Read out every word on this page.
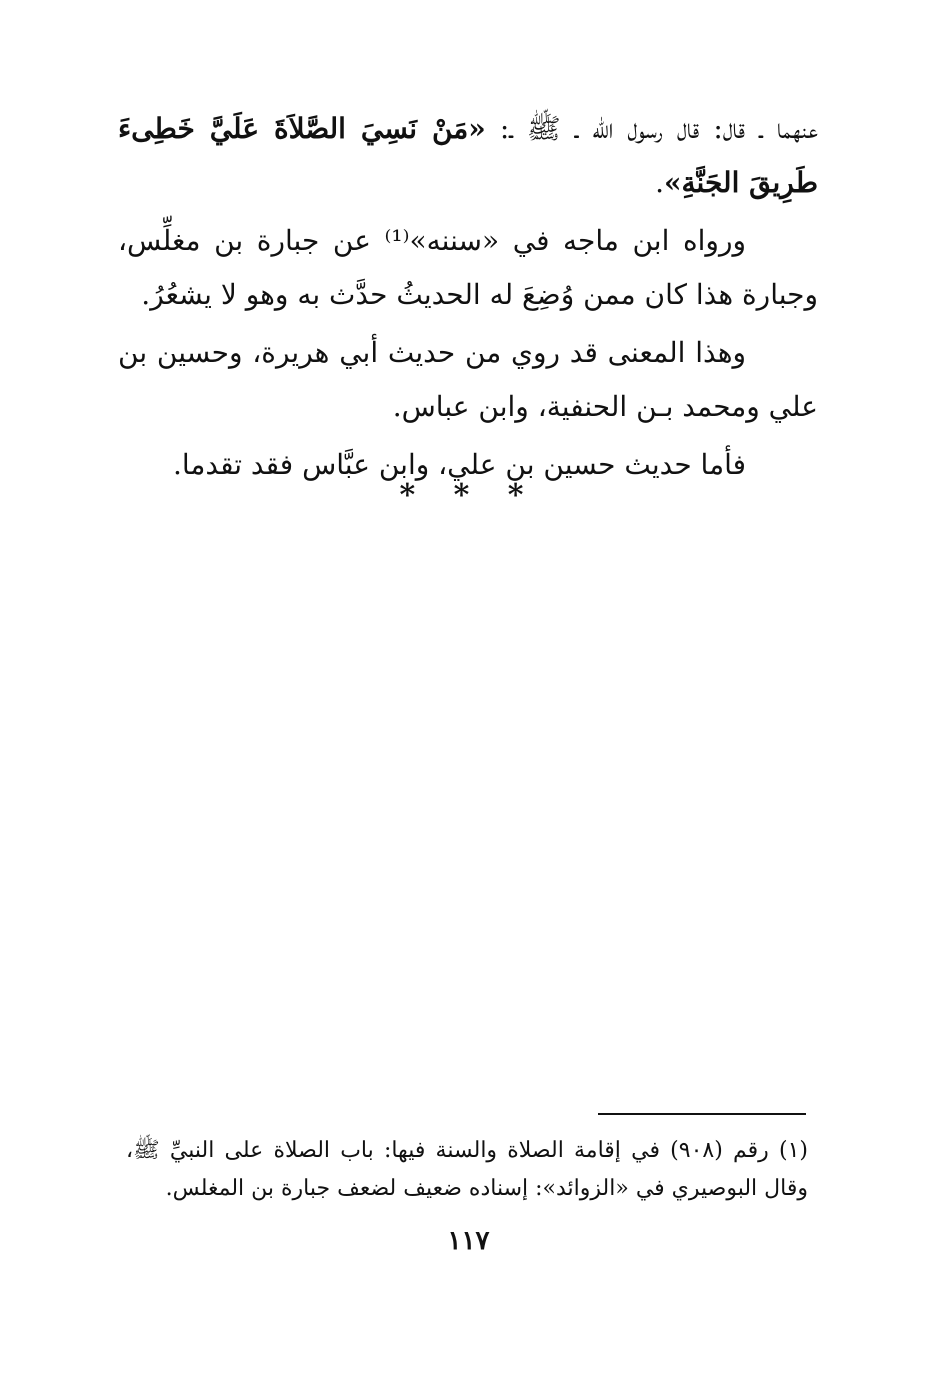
عنهما ـ قال: قال رسول الله ـ ﷺ ـ: «مَنْ نَسِيَ الصَّلاَةَ عَلَيَّ خَطِىءَ طَرِيقَ الجَنَّةِ».

ورواه ابن ماجه في «سننه»⁽¹⁾ عن جبارة بن مغلِّس، وجبارة هذا كان ممن وُضِعَ له الحديثُ حدَّث به وهو لا يشعُرُ.

وهذا المعنى قد روي من حديث أبي هريرة، وحسين بن علي ومحمد بـن الحنفية، وابن عباس.

فأما حديث حسين بن علي، وابن عبَّاس فقد تقدما.

* * *

(١) رقم (٩٠٨) في إقامة الصلاة والسنة فيها: باب الصلاة على النبيِّ ﷺ، وقال البوصيري في «الزوائد»: إسناده ضعيف لضعف جبارة بن المغلس.

١١٧
